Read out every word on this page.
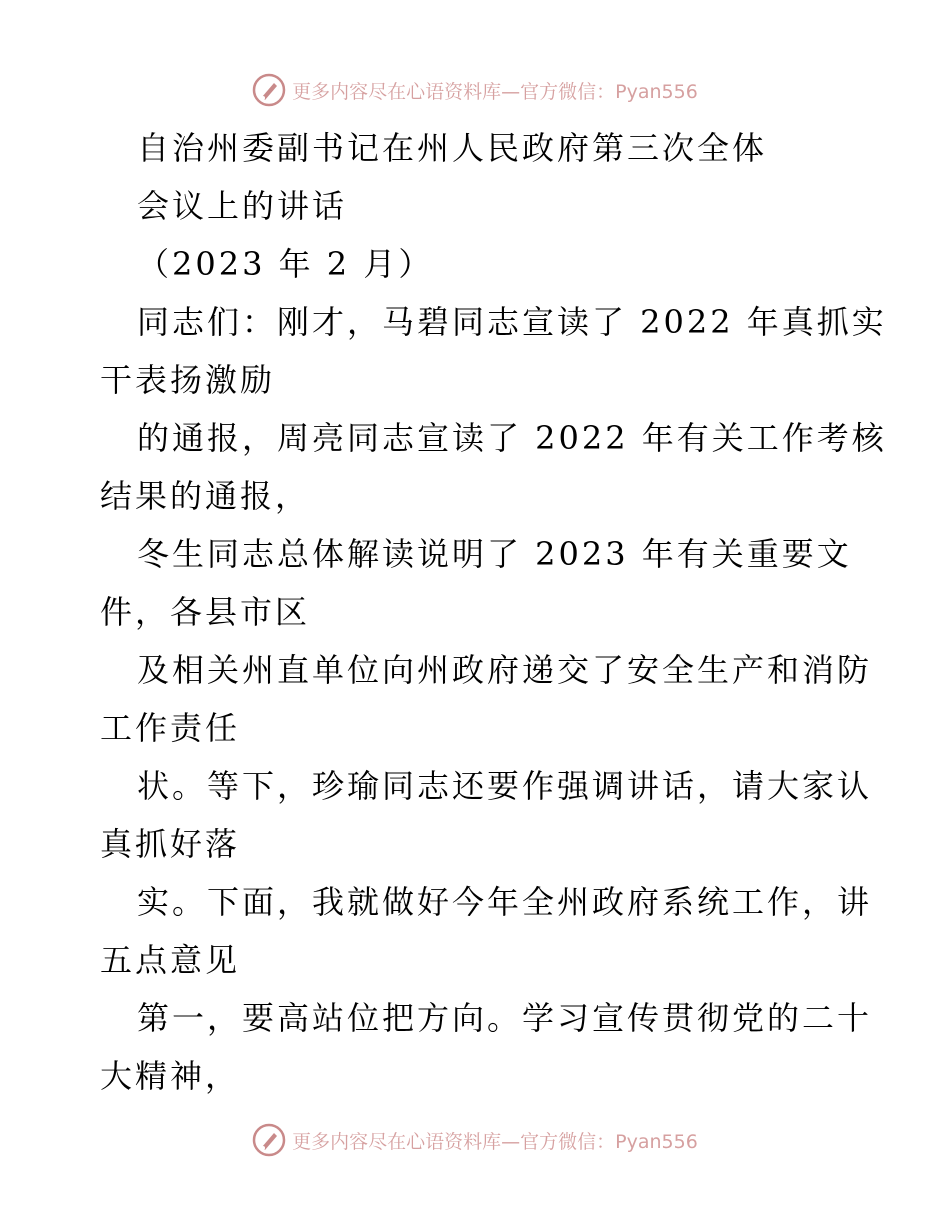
更多内容尽在心语资料库—官方微信：Pyan556
自治州委副书记在州人民政府第三次全体
会议上的讲话
（2023 年 2 月）
同志们：刚才，马碧同志宣读了 2022 年真抓实
干表扬激励
的通报，周亮同志宣读了 2022 年有关工作考核
结果的通报，
冬生同志总体解读说明了 2023 年有关重要文
件，各县市区
及相关州直单位向州政府递交了安全生产和消防
工作责任
状。等下，珍瑜同志还要作强调讲话，请大家认
真抓好落
实。下面，我就做好今年全州政府系统工作，讲
五点意见
第一，要高站位把方向。学习宣传贯彻党的二十
大精神，
更多内容尽在心语资料库—官方微信：Pyan556
